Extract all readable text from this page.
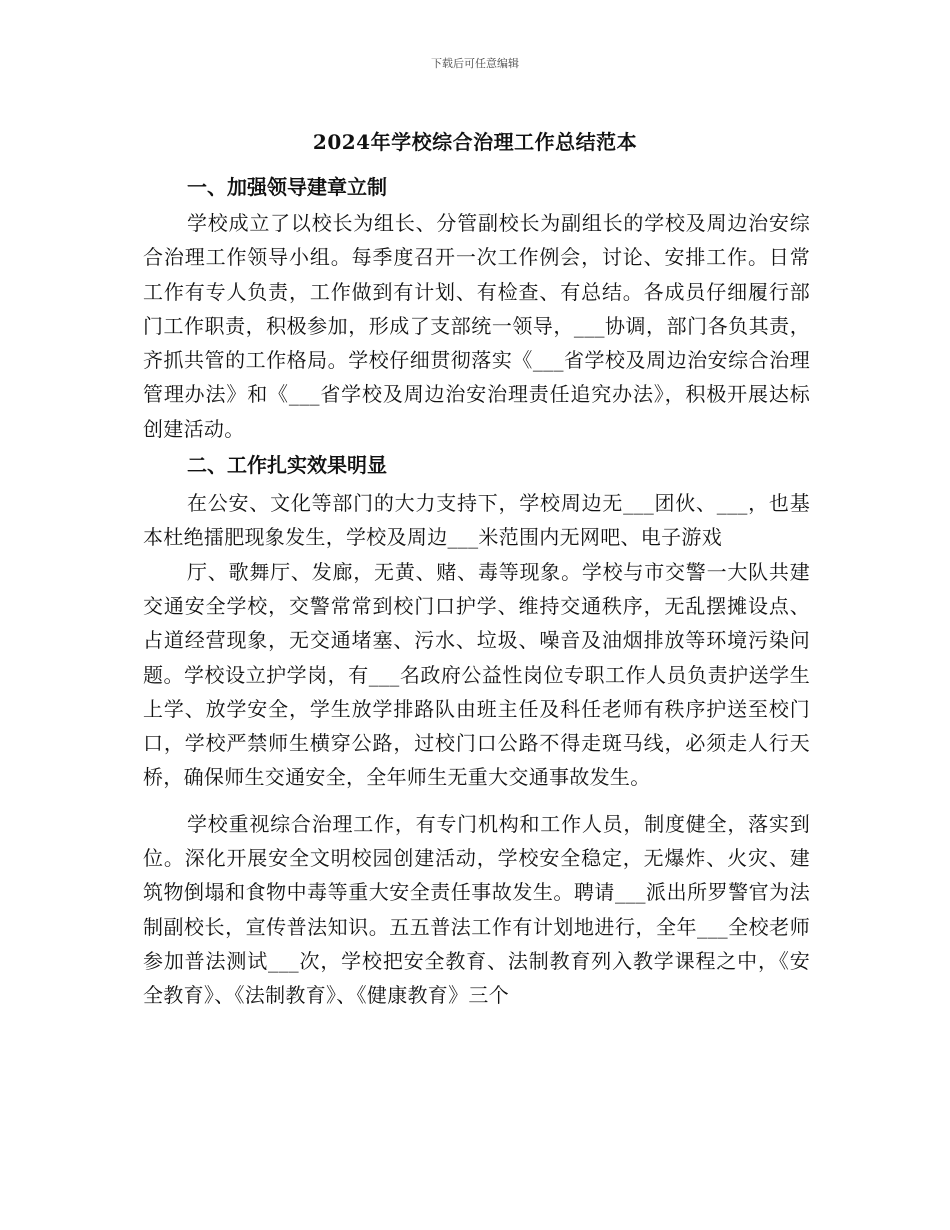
下载后可任意编辑
2024年学校综合治理工作总结范本
一、加强领导建章立制

学校成立了以校长为组长、分管副校长为副组长的学校及周边治安综合治理工作领导小组。每季度召开一次工作例会，讨论、安排工作。日常工作有专人负责，工作做到有计划、有检查、有总结。各成员仔细履行部门工作职责，积极参加，形成了支部统一领导，___协调，部门各负其责，齐抓共管的工作格局。学校仔细贯彻落实《___省学校及周边治安综合治理管理办法》和《___省学校及周边治安治理责任追究办法》，积极开展达标创建活动。

二、工作扎实效果明显

在公安、文化等部门的大力支持下，学校周边无___团伙、___，也基本杜绝擂肥现象发生，学校及周边___米范围内无网吧、电子游戏

厅、歌舞厅、发廊，无黄、赌、毒等现象。学校与市交警一大队共建交通安全学校，交警常常到校门口护学、维持交通秩序，无乱摆摊设点、占道经营现象，无交通堵塞、污水、垃圾、噪音及油烟排放等环境污染问题。学校设立护学岗，有___名政府公益性岗位专职工作人员负责护送学生上学、放学安全，学生放学排路队由班主任及科任老师有秩序护送至校门口，学校严禁师生横穿公路，过校门口公路不得走斑马线，必须走人行天桥，确保师生交通安全，全年师生无重大交通事故发生。

学校重视综合治理工作，有专门机构和工作人员，制度健全，落实到位。深化开展安全文明校园创建活动，学校安全稳定，无爆炸、火灾、建筑物倒塌和食物中毒等重大安全责任事故发生。聘请___派出所罗警官为法制副校长，宣传普法知识。五五普法工作有计划地进行，全年___全校老师参加普法测试___次，学校把安全教育、法制教育列入教学课程之中，《安全教育》、《法制教育》、《健康教育》三个
